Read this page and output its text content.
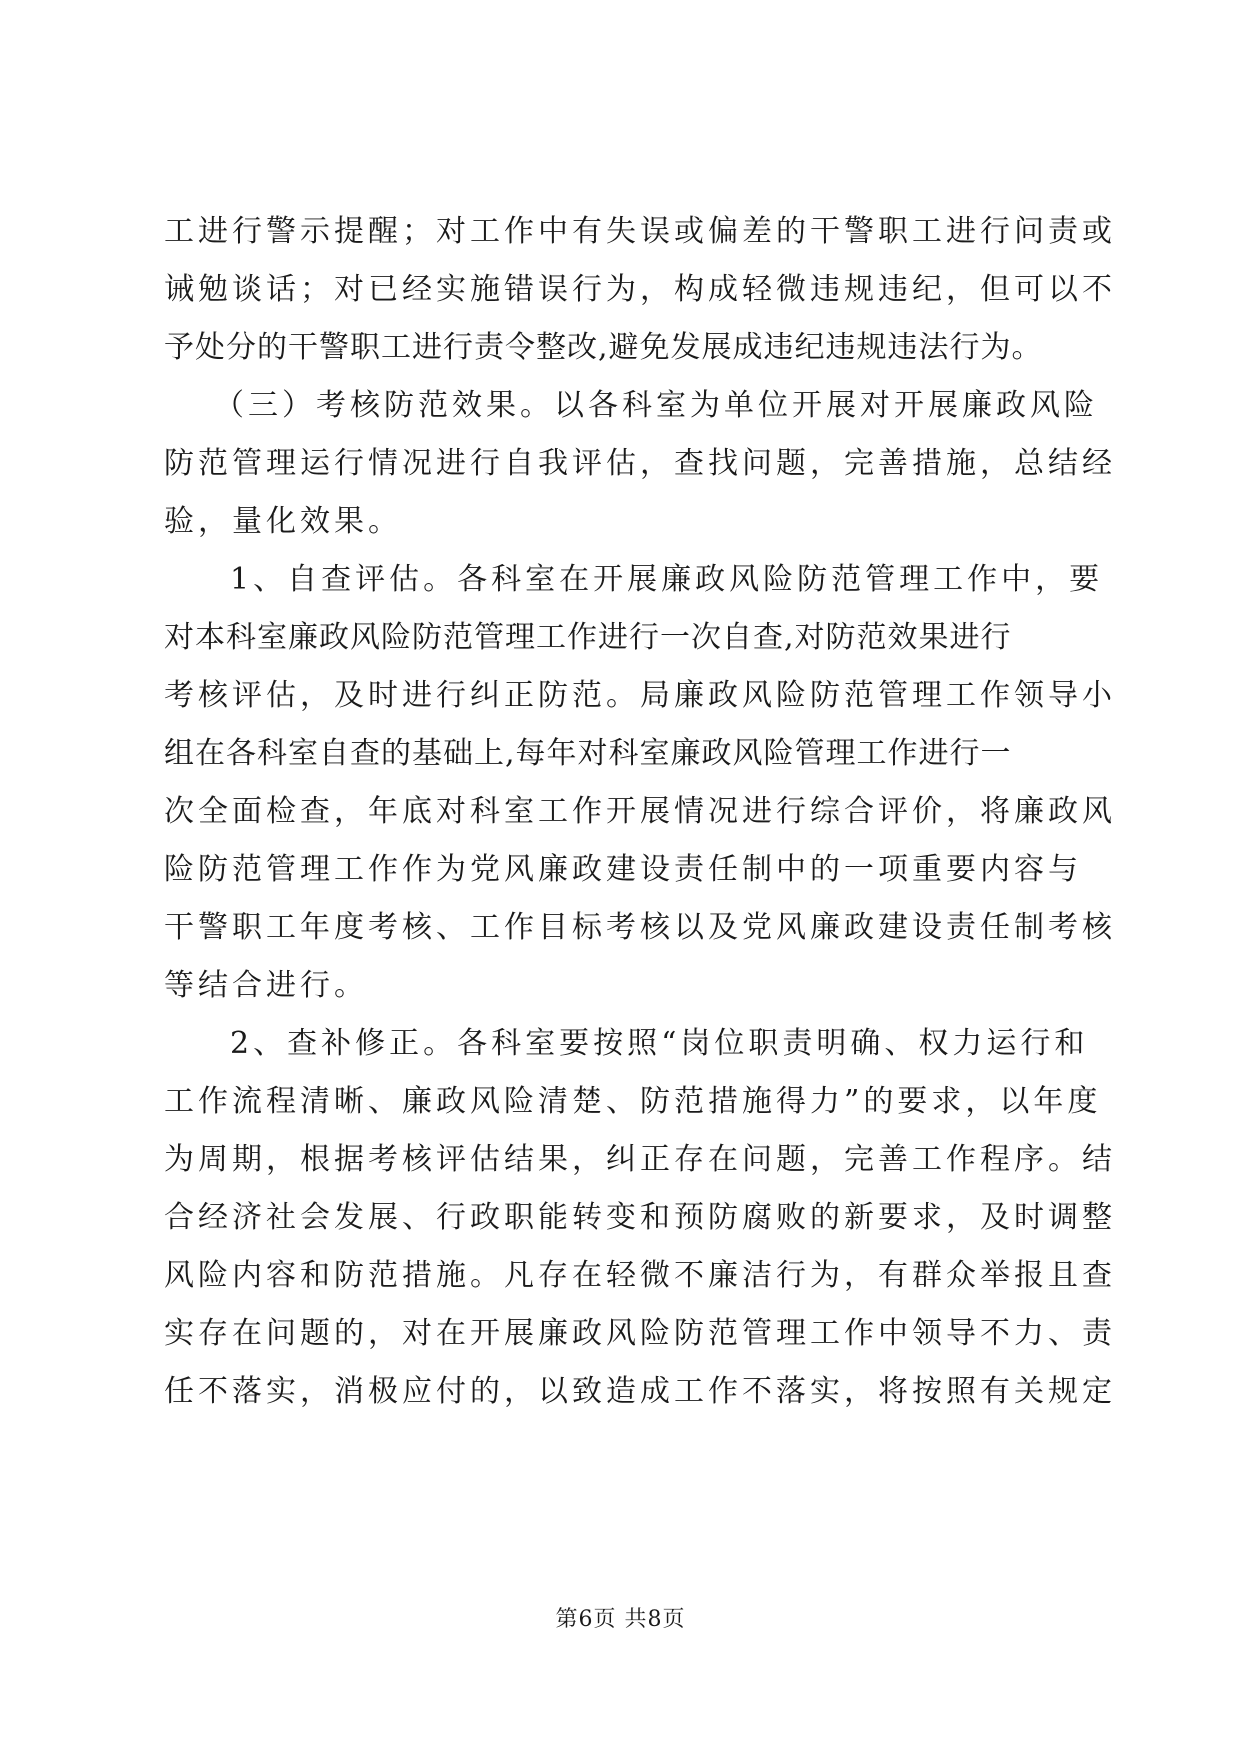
工进行警示提醒；对工作中有失误或偏差的干警职工进行问责或
诫勉谈话；对已经实施错误行为，构成轻微违规违纪，但可以不
予处分的干警职工进行责令整改,避免发展成违纪违规违法行为。
（三）考核防范效果。以各科室为单位开展对开展廉政风险
防范管理运行情况进行自我评估，查找问题，完善措施，总结经
验，量化效果。
1、自查评估。各科室在开展廉政风险防范管理工作中，要
对本科室廉政风险防范管理工作进行一次自查,对防范效果进行
考核评估，及时进行纠正防范。局廉政风险防范管理工作领导小
组在各科室自查的基础上,每年对科室廉政风险管理工作进行一
次全面检查，年底对科室工作开展情况进行综合评价，将廉政风
险防范管理工作作为党风廉政建设责任制中的一项重要内容与
干警职工年度考核、工作目标考核以及党风廉政建设责任制考核
等结合进行。
2、查补修正。各科室要按照“岗位职责明确、权力运行和
工作流程清晰、廉政风险清楚、防范措施得力”的要求，以年度
为周期，根据考核评估结果，纠正存在问题，完善工作程序。结
合经济社会发展、行政职能转变和预防腐败的新要求，及时调整
风险内容和防范措施。凡存在轻微不廉洁行为，有群众举报且查
实存在问题的，对在开展廉政风险防范管理工作中领导不力、责
任不落实，消极应付的，以致造成工作不落实，将按照有关规定
第6页 共8页
